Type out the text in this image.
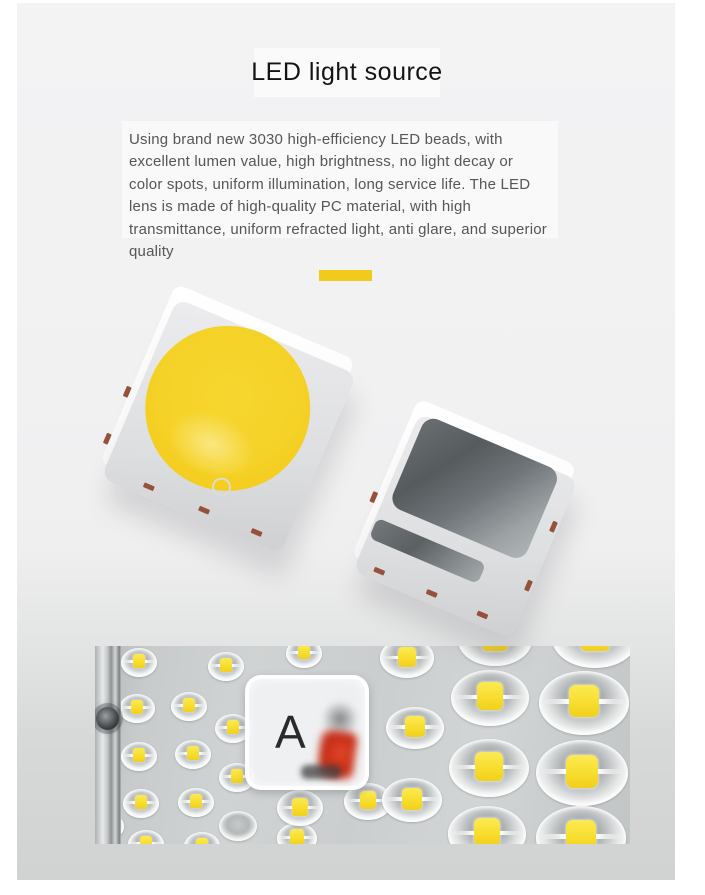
LED light source

Using brand new 3030 high-efficiency LED beads, with excellent lumen value, high brightness, no light decay or color spots, uniform illumination, long service life. The LED lens is made of high-quality PC material, with high transmittance, uniform refracted light, anti glare, and superior quality

A
